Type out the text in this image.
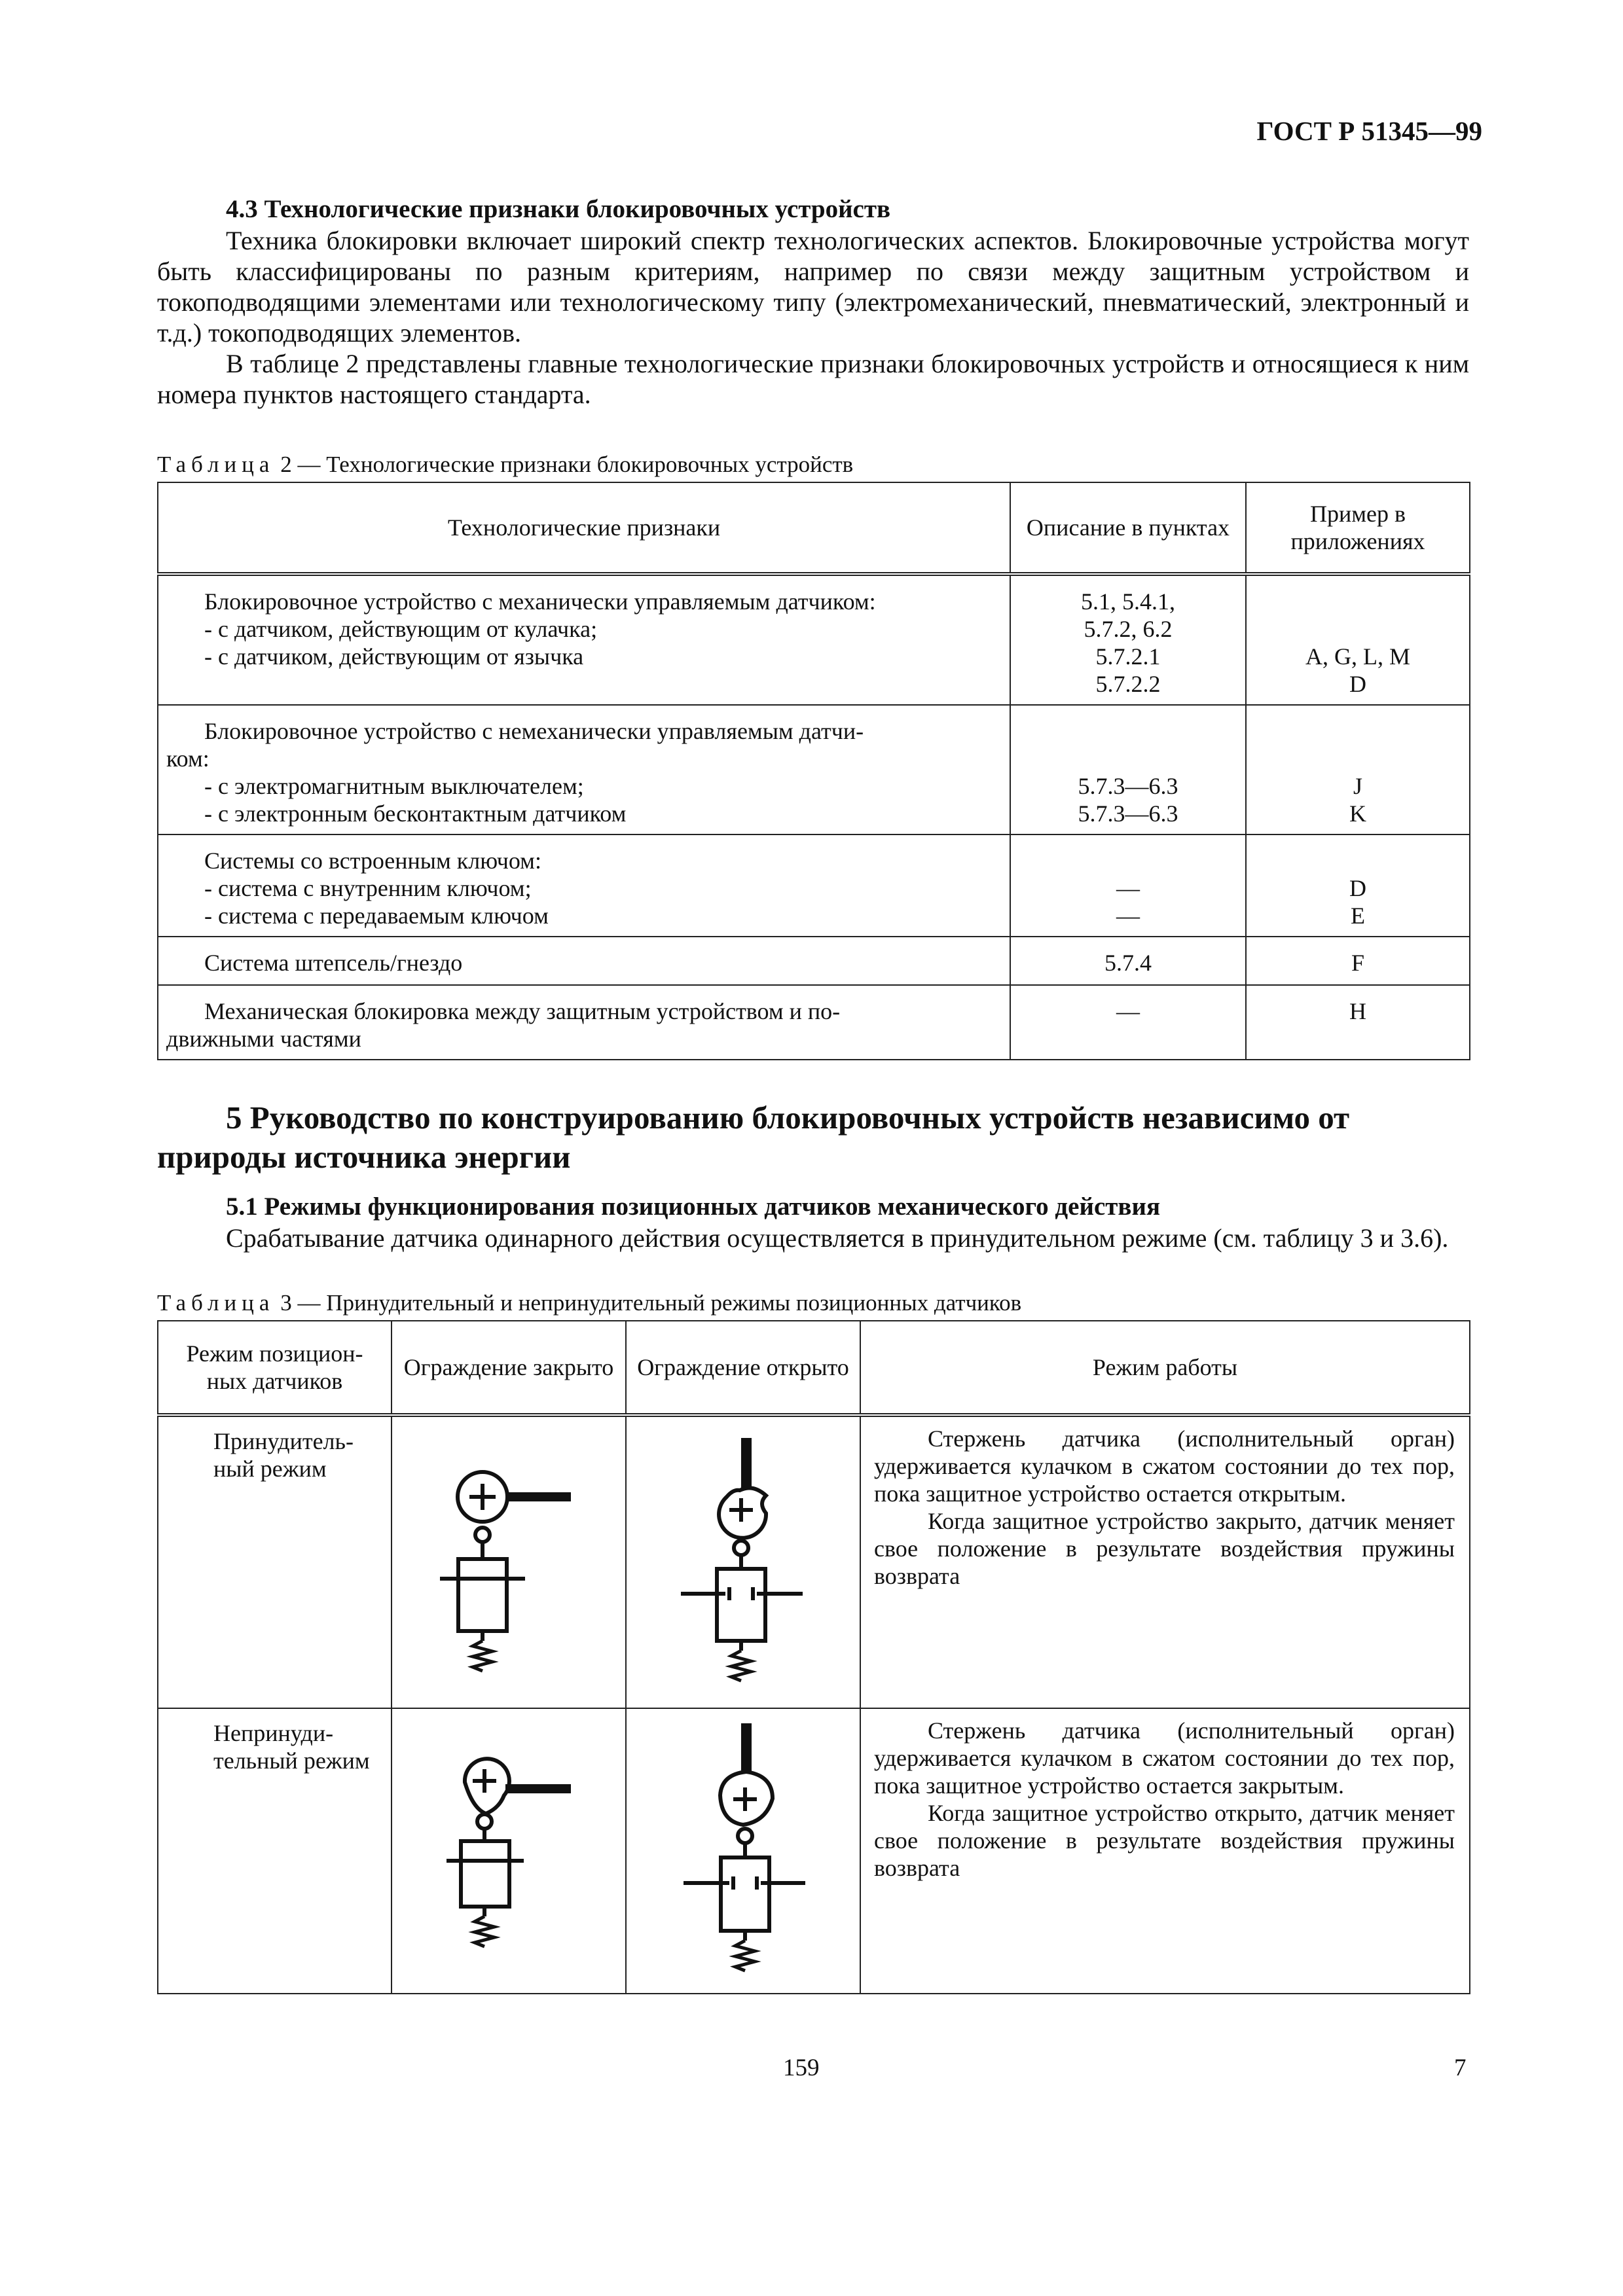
ГОСТ Р 51345—99

4.3 Технологические признаки блокировочных устройств

Техника блокировки включает широкий спектр технологических аспектов. Блокировочные устройства могут быть классифицированы по разным критериям, например по связи между защитным устройством и токоподводящими элементами или технологическому типу (электромеханический, пневматический, электронный и т.д.) токоподводящих элементов.

В таблице 2 представлены главные технологические признаки блокировочных устройств и относящиеся к ним номера пунктов настоящего стандарта.

Таблица 2 — Технологические признаки блокировочных устройств

Технологические признаки	Описание в пунктах	Пример в приложениях

Блокировочное устройство с механически управляемым датчиком:
- с датчиком, действующим от кулачка;
- с датчиком, действующим от язычка	5.1, 5.4.1,
5.7.2, 6.2
5.7.2.1
5.7.2.2	A, G, L, M
D

Блокировочное устройство с немеханически управляемым датчи-
ком:
- с электромагнитным выключателем;
- с электронным бесконтактным датчиком	5.7.3—6.3
5.7.3—6.3	J
K

Системы со встроенным ключом:
- система с внутренним ключом;
- система с передаваемым ключом	—
—	D
E

Система штепсель/гнездо	5.7.4	F

Механическая блокировка между защитным устройством и по-
движными частями	—	H

5 Руководство по конструированию блокировочных устройств независимо от природы источника энергии

5.1 Режимы функционирования позиционных датчиков механического действия

Срабатывание датчика одинарного действия осуществляется в принудительном режиме (см. таблицу 3 и 3.6).

Таблица 3 — Принудительный и непринудительный режимы позиционных датчиков

Режим позицион-ных датчиков	Ограждение закрыто	Ограждение открыто	Режим работы
Принудитель-ный режим			Стержень датчика (исполнительный орган) удерживается кулачком в сжатом состоянии до тех пор, пока защитное устройство остается открытым.
Когда защитное устройство закрыто, датчик меняет свое положение в результате воздействия пружины возврата

Непринуди-тельный режим			Стержень датчика (исполнительный орган) удерживается кулачком в сжатом состоянии до тех пор, пока защитное устройство остается закрытым.
Когда защитное устройство открыто, датчик меняет свое положение в результате воздействия пружины возврата
159	7
